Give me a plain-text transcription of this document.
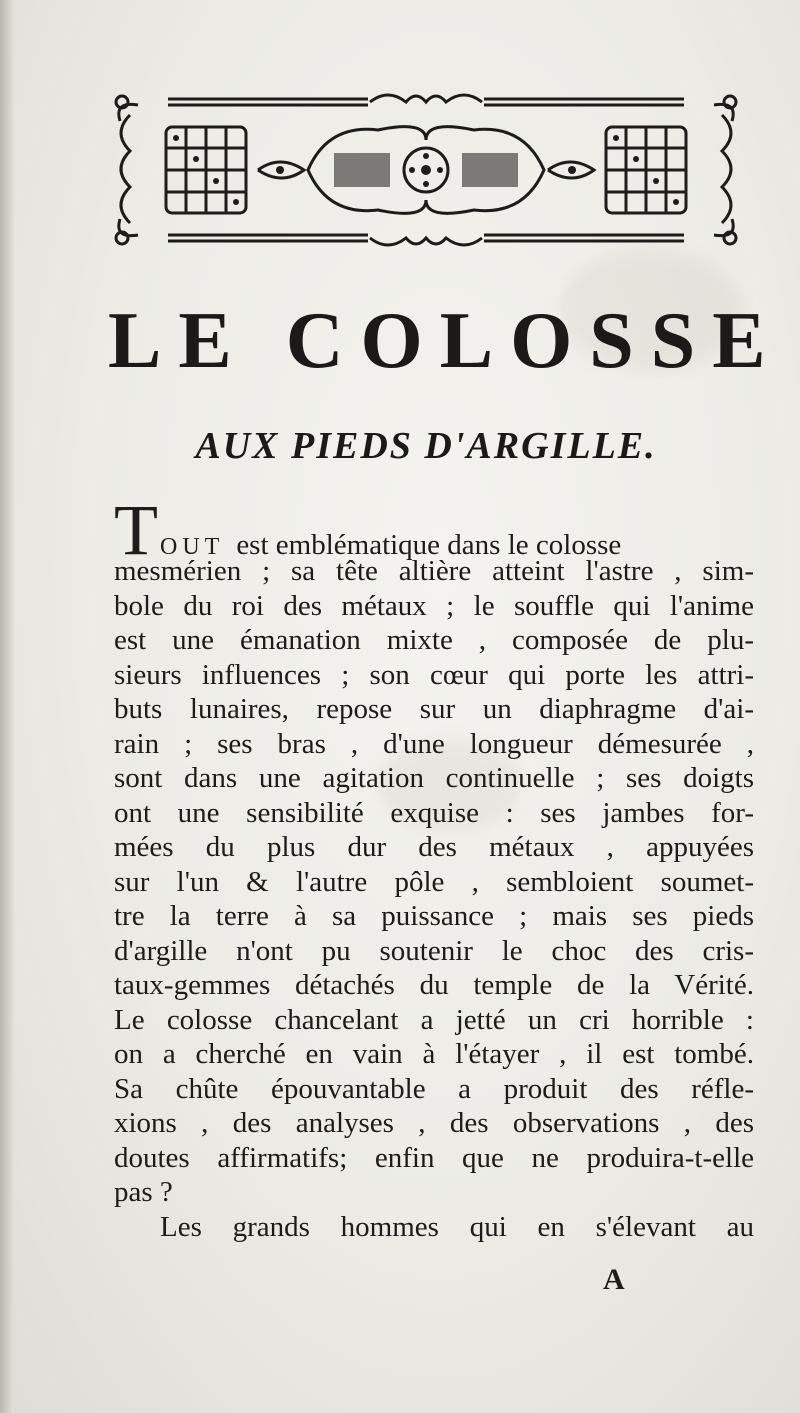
LE COLOSSE
AUX PIEDS D'ARGILLE.
TOUT est emblématique dans le colosse
mesmérien ; sa tête altière atteint l'astre , sim-
bole du roi des métaux ; le souffle qui l'anime
est une émanation mixte , composée de plu-
sieurs influences ; son cœur qui porte les attri-
buts lunaires, repose sur un diaphragme d'ai-
rain ; ses bras , d'une longueur démesurée ,
sont dans une agitation continuelle ; ses doigts
ont une sensibilité exquise : ses jambes for-
mées du plus dur des métaux , appuyées
sur l'un & l'autre pôle , sembloient soumet-
tre la terre à sa puissance ; mais ses pieds
d'argille n'ont pu soutenir le choc des cris-
taux-gemmes détachés du temple de la Vérité.
Le colosse chancelant a jetté un cri horrible :
on a cherché en vain à l'étayer , il est tombé.
Sa chûte épouvantable a produit des réfle-
xions , des analyses , des observations , des
doutes affirmatifs; enfin que ne produira-t-elle
pas ?
Les grands hommes qui en s'élevant au
A
